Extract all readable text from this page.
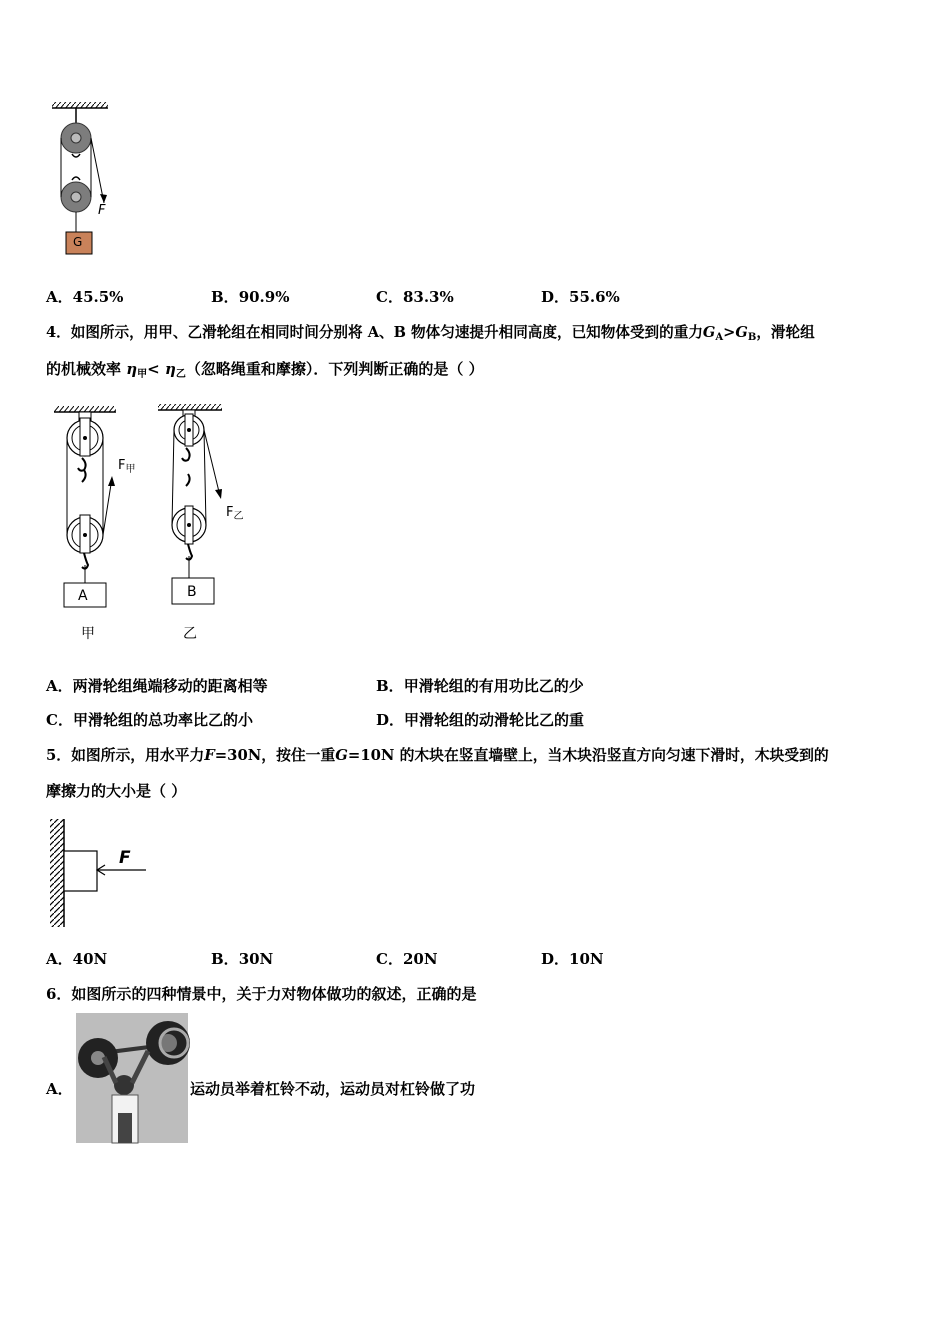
F
G
A．45.5%	B．90.9%	C．83.3%	D．55.6%
4．如图所示，用甲、乙滑轮组在相同时间分别将 A、B 物体匀速提升相同高度，已知物体受到的重力$G_A>G_B$，滑轮组
的机械效率 $\eta_甲< \eta_乙$（忽略绳重和摩擦）．下列判断正确的是（ ）
$F_甲$
$F_乙$
A	B
甲	乙
A．两滑轮组绳端移动的距离相等	B．甲滑轮组的有用功比乙的少
C．甲滑轮组的总功率比乙的小	D．甲滑轮组的动滑轮比乙的重
5．如图所示，用水平力F=30N，按住一重G=10N 的木块在竖直墙壁上，当木块沿竖直方向匀速下滑时，木块受到的
摩擦力的大小是（ ）
F
A．40N	B．30N	C．20N	D．10N
6．如图所示的四种情景中，关于力对物体做功的叙述，正确的是
A．	运动员举着杠铃不动，运动员对杠铃做了功
